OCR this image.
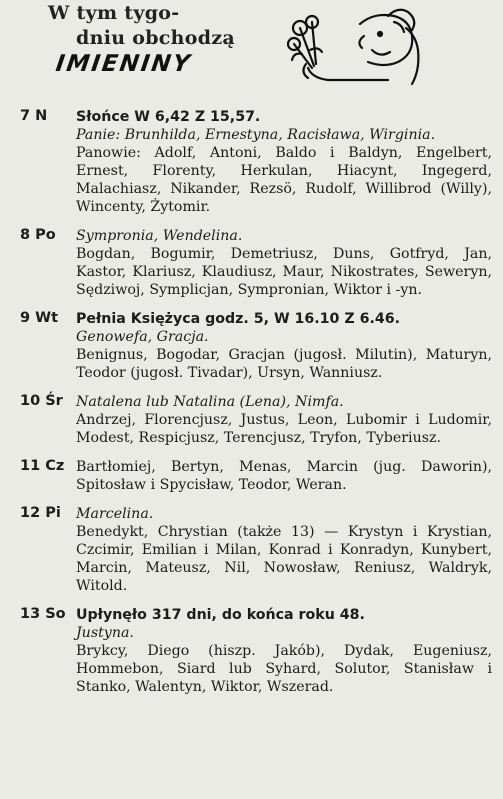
W tym tygo-
dniu obchodzą
IMIENINY
7 N Słońce W 6,42 Z 15,57.

Panie: Brunhilda, Ernestyna, Racisława, Wirginia.

Panowie: Adolf, Antoni, Baldo i Baldyn, Engelbert, Ernest, Florenty, Herkulan, Hiacynt, Ingegerd, Malachiasz, Nikander, Rezsö, Rudolf, Willibrod (Willy), Wincenty, Żytomir.

8 Po Sympronia, Wendelina.

Bogdan, Bogumir, Demetriusz, Duns, Gotfryd, Jan, Kastor, Klariusz, Klaudiusz, Maur, Nikostrates, Seweryn, Sędziwoj, Symplicjan, Sympronian, Wiktor i -yn.

9 Wt Pełnia Księżyca godz. 5, W 16.10 Z 6.46.

Genowefa, Gracja.

Benignus, Bogodar, Gracjan (jugosł. Milutin), Maturyn, Teodor (jugosł. Tivadar), Ursyn, Wanniusz.

10 Śr Natalena lub Natalina (Lena), Nimfa.

Andrzej, Florencjusz, Justus, Leon, Lubomir i Ludomir, Modest, Respicjusz, Terencjusz, Tryfon, Tyberiusz.

11 Cz Bartłomiej, Bertyn, Menas, Marcin (jug. Daworin), Spitosław i Spycisław, Teodor, Weran.

12 Pi Marcelina.

Benedykt, Chrystian (także 13) — Krystyn i Krystian, Czcimir, Emilian i Milan, Konrad i Konradyn, Kunybert, Marcin, Mateusz, Nil, Nowosław, Reniusz, Waldryk, Witold.

13 So Upłynęło 317 dni, do końca roku 48.

Justyna.

Brykcy, Diego (hiszp. Jakób), Dydak, Eugeniusz, Hommebon, Siard lub Syhard, Solutor, Stanisław i Stanko, Walentyn, Wiktor, Wszerad.
